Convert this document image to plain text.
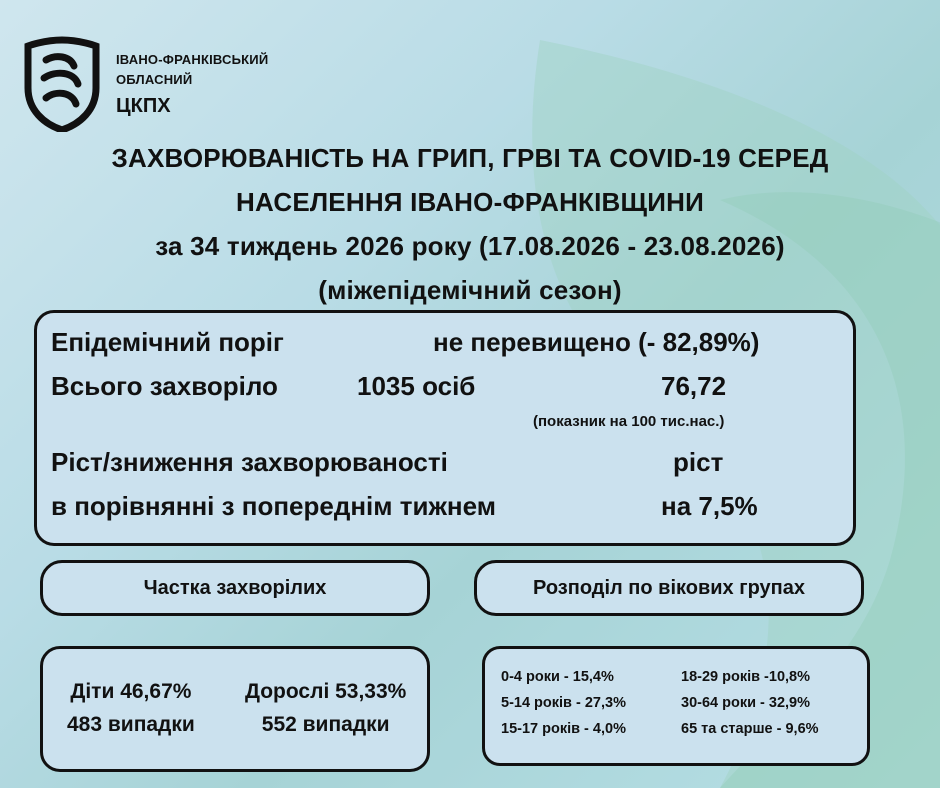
ІВАНО-ФРАНКІВСЬКИЙ
ОБЛАСНИЙ
ЦКПХ
ЗАХВОРЮВАНІСТЬ НА ГРИП, ГРВІ ТА COVID-19 СЕРЕД
НАСЕЛЕННЯ ІВАНО-ФРАНКІВЩИНИ
за 34 тиждень 2026 року (17.08.2026 - 23.08.2026)
(міжепідемічний сезон)
Епідемічний поріг	не перевищено (- 82,89%)
Всього захворіло	1035 осіб	76,72
(показник на 100 тис.нас.)
Ріст/зниження захворюваності	ріст
в порівнянні з попереднім тижнем	на 7,5%
Частка захворілих	Розподіл по вікових групах
Діти 46,67%
483 випадки
Дорослі 53,33%
552 випадки
0-4 роки - 15,4%	18-29 років -10,8%
5-14 років - 27,3%	30-64 роки - 32,9%
15-17 років - 4,0%	65 та старше - 9,6%
